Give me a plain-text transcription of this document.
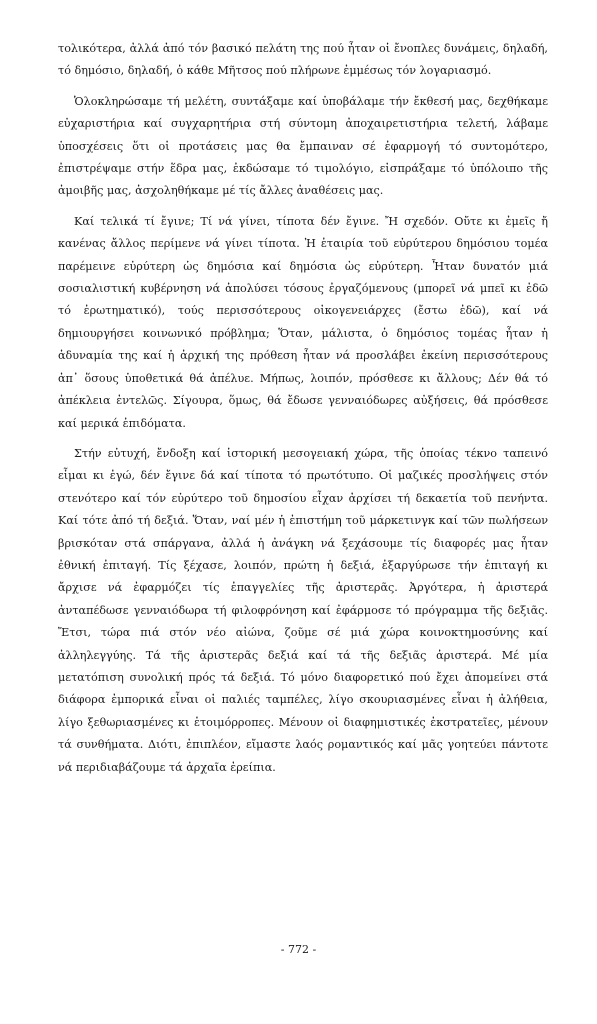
τολικότερα, ἀλλά ἀπό τόν βασικό πελάτη της πού ἦταν οἱ ἔνοπλες δυνάμεις, δηλαδή, τό δημόσιο, δηλαδή, ὁ κάθε Μῆτσος πού πλήρωνε ἐμμέσως τόν λογαριασμό.

Ὁλοκληρώσαμε τή μελέτη, συντάξαμε καί ὑποβάλαμε τήν ἔκθεσή μας, δεχθήκαμε εὐχαριστήρια καί συγχαρητήρια στή σύντομη ἀποχαιρετιστήρια τελετή, λάβαμε ὑποσχέσεις ὅτι οἱ προτάσεις μας θα ἔμπαιναν σέ ἐφαρμογή τό συντομότερο, ἐπιστρέψαμε στήν ἕδρα μας, ἐκδώσαμε τό τιμολόγιο, εἰσπράξαμε τό ὑπόλοιπο τῆς ἀμοιβῆς μας, ἀσχοληθήκαμε μέ τίς ἄλλες ἀναθέσεις μας.

Καί τελικά τί ἔγινε; Τί νά γίνει, τίποτα δέν ἔγινε. Ἤ σχεδόν. Οὔτε κι ἐμεῖς ἤ κανένας ἄλλος περίμενε νά γίνει τίποτα. Ἡ ἑταιρία τοῦ εὐρύτερου δημόσιου τομέα παρέμεινε εὐρύτερη ὡς δημόσια καί δημόσια ὡς εὐρύτερη. Ἦταν δυνατόν μιά σοσιαλιστική κυβέρνηση νά ἀπολύσει τόσους ἐργαζόμενους (μπορεῖ νά μπεῖ κι ἐδῶ τό ἐρωτηματικό), τούς περισσότερους οἰκογενειάρχες (ἔστω ἐδῶ), καί νά δημιουργήσει κοινωνικό πρόβλημα; Ὅταν, μάλιστα, ὁ δημόσιος τομέας ἦταν ἡ ἀδυναμία της καί ἡ ἀρχική της πρόθεση ἦταν νά προσλάβει ἐκείνη περισσότερους ἀπ᾽ ὅσους ὑποθετικά θά ἀπέλυε. Μήπως, λοιπόν, πρόσθεσε κι ἄλλους; Δέν θά τό ἀπέκλεια ἐντελῶς. Σίγουρα, ὅμως, θά ἔδωσε γενναιόδωρες αὐξήσεις, θά πρόσθεσε καί μερικά ἐπιδόματα.

Στήν εὐτυχή, ἔνδοξη καί ἱστορική μεσογειακή χώρα, τῆς ὁποίας τέκνο ταπεινό εἶμαι κι ἐγώ, δέν ἔγινε δά καί τίποτα τό πρωτότυπο. Οἱ μαζικές προσλήψεις στόν στενότερο καί τόν εὐρύτερο τοῦ δημοσίου εἶχαν ἀρχίσει τή δεκαετία τοῦ πενήντα. Καί τότε ἀπό τή δεξιά. Ὅταν, ναί μέν ἡ ἐπιστήμη τοῦ μάρκετινγκ καί τῶν πωλήσεων βρισκόταν στά σπάργανα, ἀλλά ἡ ἀνάγκη νά ξεχάσουμε τίς διαφορές μας ἦταν ἐθνική ἐπιταγή. Τίς ξέχασε, λοιπόν, πρώτη ἡ δεξιά, ἐξαργύρωσε τήν ἐπιταγή κι ἄρχισε νά ἐφαρμόζει τίς ἐπαγγελίες τῆς ἀριστερᾶς. Ἀργότερα, ἡ ἀριστερά ἀνταπέδωσε γενναιόδωρα τή φιλοφρόνηση καί ἐφάρμοσε τό πρόγραμμα τῆς δεξιᾶς. Ἔτσι, τώρα πιά στόν νέο αἰώνα, ζοῦμε σέ μιά χώρα κοινοκτημοσύνης καί ἀλληλεγγύης. Τά τῆς ἀριστερᾶς δεξιά καί τά τῆς δεξιᾶς ἀριστερά. Μέ μία μετατόπιση συνολική πρός τά δεξιά. Τό μόνο διαφορετικό πού ἔχει ἀπομείνει στά διάφορα ἐμπορικά εἶναι οἱ παλιές ταμπέλες, λίγο σκουριασμένες εἶναι ἡ ἀλήθεια, λίγο ξεθωριασμένες κι ἑτοιμόρροπες. Μένουν οἱ διαφημιστικές ἐκστρατεῖες, μένουν τά συνθήματα. Διότι, ἐπιπλέον, εἴμαστε λαός ρομαντικός καί μᾶς γοητεύει πάντοτε νά περιδιαβάζουμε τά ἀρχαῖα ἐρείπια.

- 772 -
